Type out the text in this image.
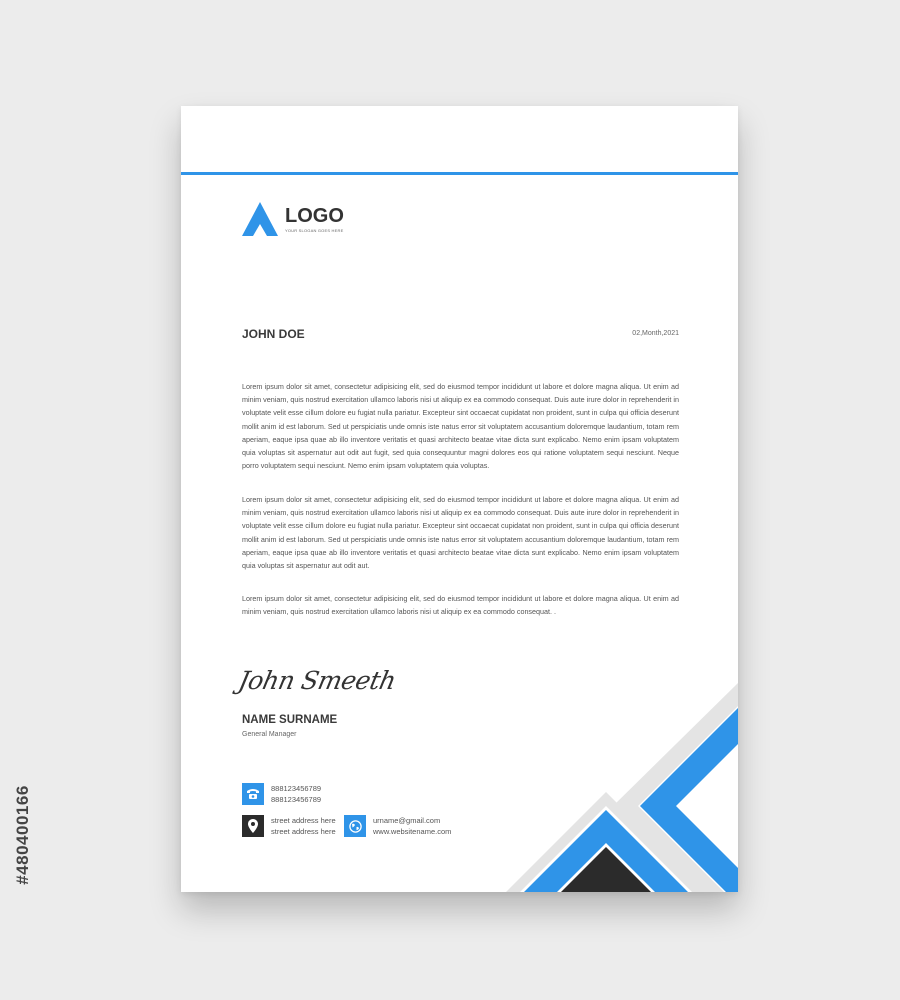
#480400166
LOGO
YOUR SLOGAN GOES HERE
JOHN DOE	02,Month,2021

Lorem ipsum dolor sit amet, consectetur adipisicing elit, sed do eiusmod tempor incididunt ut labore et dolore magna aliqua. Ut enim ad minim veniam, quis nostrud exercitation ullamco laboris nisi ut aliquip ex ea commodo consequat. Duis aute irure dolor in reprehenderit in voluptate velit esse cillum dolore eu fugiat nulla pariatur. Excepteur sint occaecat cupidatat non proident, sunt in culpa qui officia deserunt mollit anim id est laborum. Sed ut perspiciatis unde omnis iste natus error sit voluptatem accusantium doloremque laudantium, totam rem aperiam, eaque ipsa quae ab illo inventore veritatis et quasi architecto beatae vitae dicta sunt explicabo. Nemo enim ipsam voluptatem quia voluptas sit aspernatur aut odit aut fugit, sed quia consequuntur magni dolores eos qui ratione voluptatem sequi nesciunt. Neque porro voluptatem sequi nesciunt. Nemo enim ipsam voluptatem quia voluptas.

Lorem ipsum dolor sit amet, consectetur adipisicing elit, sed do eiusmod tempor incididunt ut labore et dolore magna aliqua. Ut enim ad minim veniam, quis nostrud exercitation ullamco laboris nisi ut aliquip ex ea commodo consequat. Duis aute irure dolor in reprehenderit in voluptate velit esse cillum dolore eu fugiat nulla pariatur. Excepteur sint occaecat cupidatat non proident, sunt in culpa qui officia deserunt mollit anim id est laborum. Sed ut perspiciatis unde omnis iste natus error sit voluptatem accusantium doloremque laudantium, totam rem aperiam, eaque ipsa quae ab illo inventore veritatis et quasi architecto beatae vitae dicta sunt explicabo. Nemo enim ipsam voluptatem quia voluptas sit aspernatur aut odit aut.

Lorem ipsum dolor sit amet, consectetur adipisicing elit, sed do eiusmod tempor incididunt ut labore et dolore magna aliqua. Ut enim ad minim veniam, quis nostrud exercitation ullamco laboris nisi ut aliquip ex ea commodo consequat. .

John Smeeth
NAME SURNAME
General Manager
888123456789
888123456789
street address here
street address here
urname@gmail.com
www.websitename.com
